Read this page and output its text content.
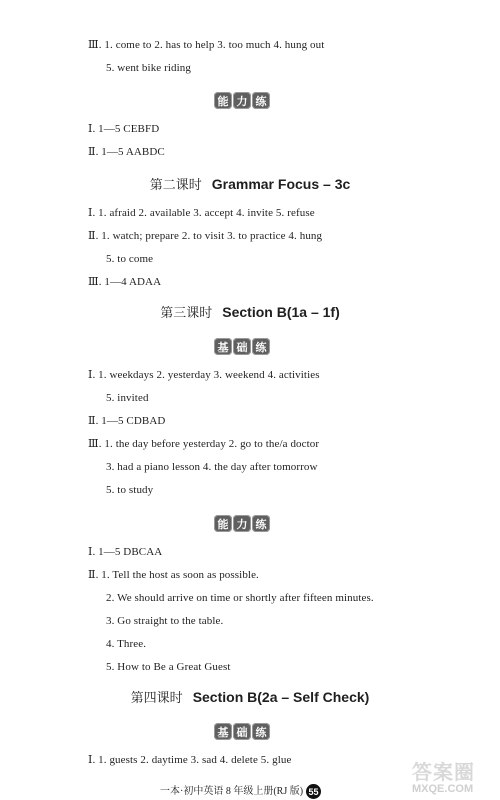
Ⅲ. 1. come to 2. has to help 3. too much 4. hung out
5. went bike riding
能 力 练
Ⅰ. 1—5 CEBFD
Ⅱ. 1—5 AABDC
第二课时 Grammar Focus – 3c
Ⅰ. 1. afraid 2. available 3. accept 4. invite 5. refuse
Ⅱ. 1. watch; prepare 2. to visit 3. to practice 4. hung
5. to come
Ⅲ. 1—4 ADAA
第三课时 Section B(1a – 1f)
基 础 练
Ⅰ. 1. weekdays 2. yesterday 3. weekend 4. activities
5. invited
Ⅱ. 1—5 CDBAD
Ⅲ. 1. the day before yesterday 2. go to the/a doctor
3. had a piano lesson 4. the day after tomorrow
5. to study
能 力 练
Ⅰ. 1—5 DBCAA
Ⅱ. 1. Tell the host as soon as possible.
2. We should arrive on time or shortly after fifteen minutes.
3. Go straight to the table.
4. Three.
5. How to Be a Great Guest
第四课时 Section B(2a – Self Check)
基 础 练
Ⅰ. 1. guests 2. daytime 3. sad 4. delete 5. glue
一本·初中英语 8 年级上册(RJ 版) 55
答案圈
MXQE.COM
